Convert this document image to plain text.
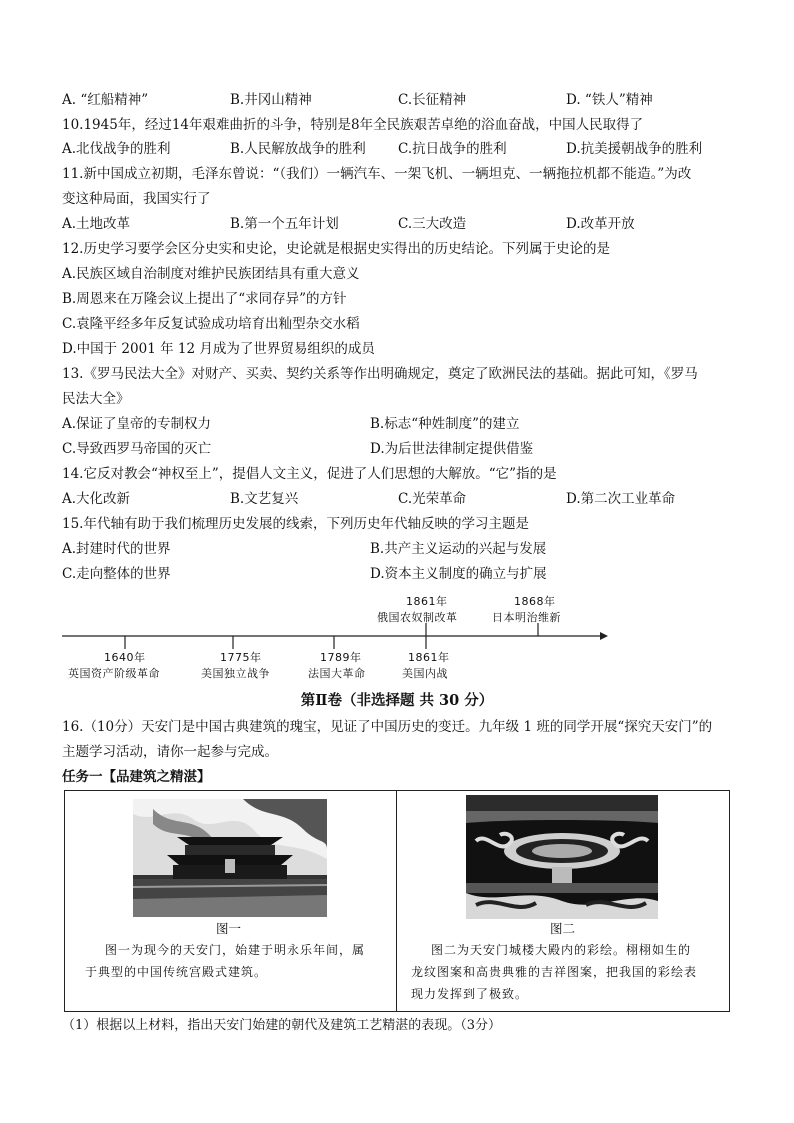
A. “红船精神”	B.井冈山精神	C.长征精神	D. “铁人”精神
10.1945年，经过14年艰难曲折的斗争，特别是8年全民族艰苦卓绝的浴血奋战，中国人民取得了
A.北伐战争的胜利	B.人民解放战争的胜利 C.抗日战争的胜利	D.抗美援朝战争的胜利
11.新中国成立初期，毛泽东曾说：“（我们）一辆汽车、一架飞机、一辆坦克、一辆拖拉机都不能造。”为改
变这种局面，我国实行了
A.土地改革	B.第一个五年计划	C.三大改造	D.改革开放
12.历史学习要学会区分史实和史论，史论就是根据史实得出的历史结论。下列属于史论的是
A.民族区域自治制度对维护民族团结具有重大意义
B.周恩来在万隆会议上提出了“求同存异”的方针
C.袁隆平经多年反复试验成功培育出籼型杂交水稻
D.中国于 2001 年 12 月成为了世界贸易组织的成员
13.《罗马民法大全》对财产、买卖、契约关系等作出明确规定，奠定了欧洲民法的基础。据此可知，《罗马
民法大全》
A.保证了皇帝的专制权力	B.标志“种姓制度”的建立
C.导致西罗马帝国的灭亡	D.为后世法律制定提供借鉴
14.它反对教会“神权至上”，提倡人文主义，促进了人们思想的大解放。“它”指的是
A.大化改新	B.文艺复兴	C.光荣革命	D.第二次工业革命
15.年代轴有助于我们梳理历史发展的线索，下列历史年代轴反映的学习主题是
A.封建时代的世界	B.共产主义运动的兴起与发展
C.走向整体的世界	D.资本主义制度的确立与扩展
1861年
俄国农奴制改革
1868年
日本明治维新
1640年
英国资产阶级革命
1775年
美国独立战争
1789年
法国大革命
1861年
美国内战
第Ⅱ卷（非选择题 共 30 分）
16.（10分）天安门是中国古典建筑的瑰宝，见证了中国历史的变迁。九年级 1 班的同学开展“探究天安门”的
主题学习活动，请你一起参与完成。
任务一【品建筑之精湛】
图一
图一为现今的天安门，始建于明永乐年间，属
于典型的中国传统宫殿式建筑。
图二
图二为天安门城楼大殿内的彩绘。栩栩如生的
龙纹图案和高贵典雅的吉祥图案，把我国的彩绘表
现力发挥到了极致。
（1）根据以上材料，指出天安门始建的朝代及建筑工艺精湛的表现。（3分）
